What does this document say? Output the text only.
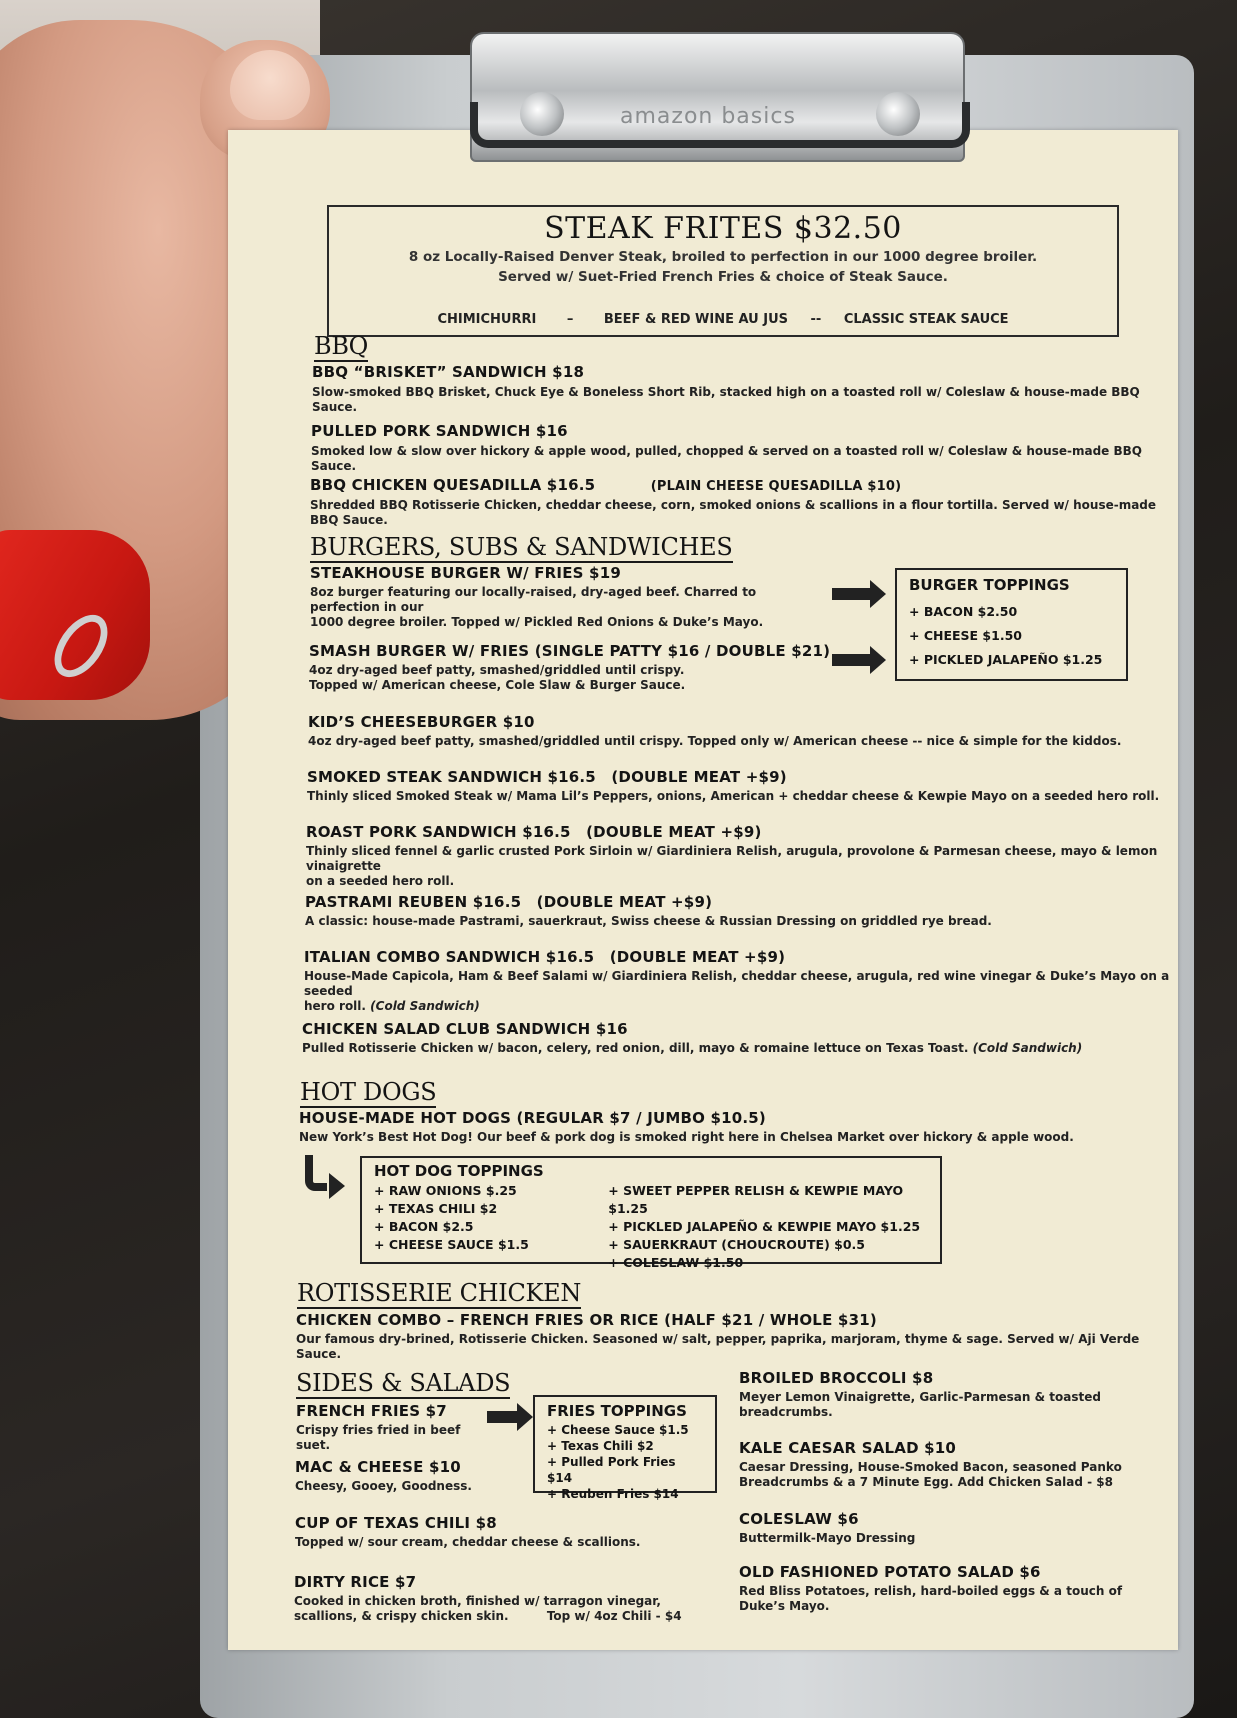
amazon basics
STEAK FRITES $32.50
8 oz Locally-Raised Denver Steak, broiled to perfection in our 1000 degree broiler.
Served w/ Suet-Fried French Fries & choice of Steak Sauce.
CHIMICHURRI – BEEF & RED WINE AU JUS -- CLASSIC STEAK SAUCE
BBQ
BBQ “BRISKET” SANDWICH $18
Slow-smoked BBQ Brisket, Chuck Eye & Boneless Short Rib, stacked high on a toasted roll w/ Coleslaw & house-made BBQ Sauce.
PULLED PORK SANDWICH $16
Smoked low & slow over hickory & apple wood, pulled, chopped & served on a toasted roll w/ Coleslaw & house-made BBQ Sauce.
BBQ CHICKEN QUESADILLA $16.5	(PLAIN CHEESE QUESADILLA $10)
Shredded BBQ Rotisserie Chicken, cheddar cheese, corn, smoked onions & scallions in a flour tortilla. Served w/ house-made BBQ Sauce.
BURGERS, SUBS & SANDWICHES
STEAKHOUSE BURGER W/ FRIES $19
8oz burger featuring our locally-raised, dry-aged beef. Charred to perfection in our
1000 degree broiler. Topped w/ Pickled Red Onions & Duke’s Mayo.
BURGER TOPPINGS
+ BACON $2.50
+ CHEESE $1.50
+ PICKLED JALAPEÑO $1.25
SMASH BURGER W/ FRIES (SINGLE PATTY $16 / DOUBLE $21)
4oz dry-aged beef patty, smashed/griddled until crispy.
Topped w/ American cheese, Cole Slaw & Burger Sauce.
KID’S CHEESEBURGER $10
4oz dry-aged beef patty, smashed/griddled until crispy. Topped only w/ American cheese -- nice & simple for the kiddos.
SMOKED STEAK SANDWICH $16.5 (DOUBLE MEAT +$9)
Thinly sliced Smoked Steak w/ Mama Lil’s Peppers, onions, American + cheddar cheese & Kewpie Mayo on a seeded hero roll.
ROAST PORK SANDWICH $16.5 (DOUBLE MEAT +$9)
Thinly sliced fennel & garlic crusted Pork Sirloin w/ Giardiniera Relish, arugula, provolone & Parmesan cheese, mayo & lemon vinaigrette
on a seeded hero roll.
PASTRAMI REUBEN $16.5 (DOUBLE MEAT +$9)
A classic: house-made Pastrami, sauerkraut, Swiss cheese & Russian Dressing on griddled rye bread.
ITALIAN COMBO SANDWICH $16.5 (DOUBLE MEAT +$9)
House-Made Capicola, Ham & Beef Salami w/ Giardiniera Relish, cheddar cheese, arugula, red wine vinegar & Duke’s Mayo on a seeded
hero roll. (Cold Sandwich)
CHICKEN SALAD CLUB SANDWICH $16
Pulled Rotisserie Chicken w/ bacon, celery, red onion, dill, mayo & romaine lettuce on Texas Toast. (Cold Sandwich)
HOT DOGS
HOUSE-MADE HOT DOGS (REGULAR $7 / JUMBO $10.5)
New York’s Best Hot Dog! Our beef & pork dog is smoked right here in Chelsea Market over hickory & apple wood.
HOT DOG TOPPINGS
+ RAW ONIONS $.25
+ TEXAS CHILI $2
+ BACON $2.5
+ CHEESE SAUCE $1.5
+ SWEET PEPPER RELISH & KEWPIE MAYO $1.25
+ PICKLED JALAPEÑO & KEWPIE MAYO $1.25
+ SAUERKRAUT (CHOUCROUTE) $0.5
+ COLESLAW $1.50
ROTISSERIE CHICKEN
CHICKEN COMBO – FRENCH FRIES OR RICE (HALF $21 / WHOLE $31)
Our famous dry-brined, Rotisserie Chicken. Seasoned w/ salt, pepper, paprika, marjoram, thyme & sage. Served w/ Aji Verde Sauce.
SIDES & SALADS
FRENCH FRIES $7
Crispy fries fried in beef suet.
FRIES TOPPINGS
+ Cheese Sauce $1.5
+ Texas Chili $2
+ Pulled Pork Fries $14
+ Reuben Fries $14
MAC & CHEESE $10
Cheesy, Gooey, Goodness.
CUP OF TEXAS CHILI $8
Topped w/ sour cream, cheddar cheese & scallions.
DIRTY RICE $7
Cooked in chicken broth, finished w/ tarragon vinegar,
scallions, & crispy chicken skin.	Top w/ 4oz Chili - $4
BROILED BROCCOLI $8
Meyer Lemon Vinaigrette, Garlic-Parmesan & toasted
breadcrumbs.
KALE CAESAR SALAD $10
Caesar Dressing, House-Smoked Bacon, seasoned Panko
Breadcrumbs & a 7 Minute Egg. Add Chicken Salad - $8
COLESLAW $6
Buttermilk-Mayo Dressing
OLD FASHIONED POTATO SALAD $6
Red Bliss Potatoes, relish, hard-boiled eggs & a touch of
Duke’s Mayo.
